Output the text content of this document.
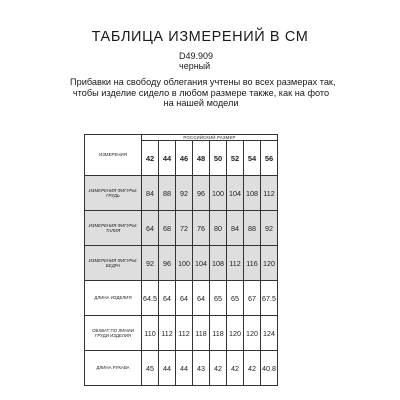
ТАБЛИЦА ИЗМЕРЕНИЙ В СМ
D49.909
черный
Прибавки на свободу облегания учтены во всех размерах так,
чтобы изделие сидело в любом размере также, как на фото
на нашей модели
ИЗМЕРЕНИЯ	РОССИЙСКИЙ РАЗМЕР							
	42	44	46	48	50	52	54	56
ИЗМЕРЕНИЯ ФИГУРЫ: ГРУДЬ	84	88	92	96	100	104	108	112
ИЗМЕРЕНИЯ ФИГУРЫ: ТАЛИЯ	64	68	72	76	80	84	88	92
ИЗМЕРЕНИЯ ФИГУРЫ: БЕДРА	92	96	100	104	108	112	116	120
ДЛИНА ИЗДЕЛИЯ	64.5	64	64	64	65	65	67	67.5
ОБХВАТ ПО ЛИНИИ ГРУДИ ИЗДЕЛИЯ	110	112	112	118	118	120	120	124
ДЛИНА РУКАВА	45	44	44	43	42	42	42	40.8
